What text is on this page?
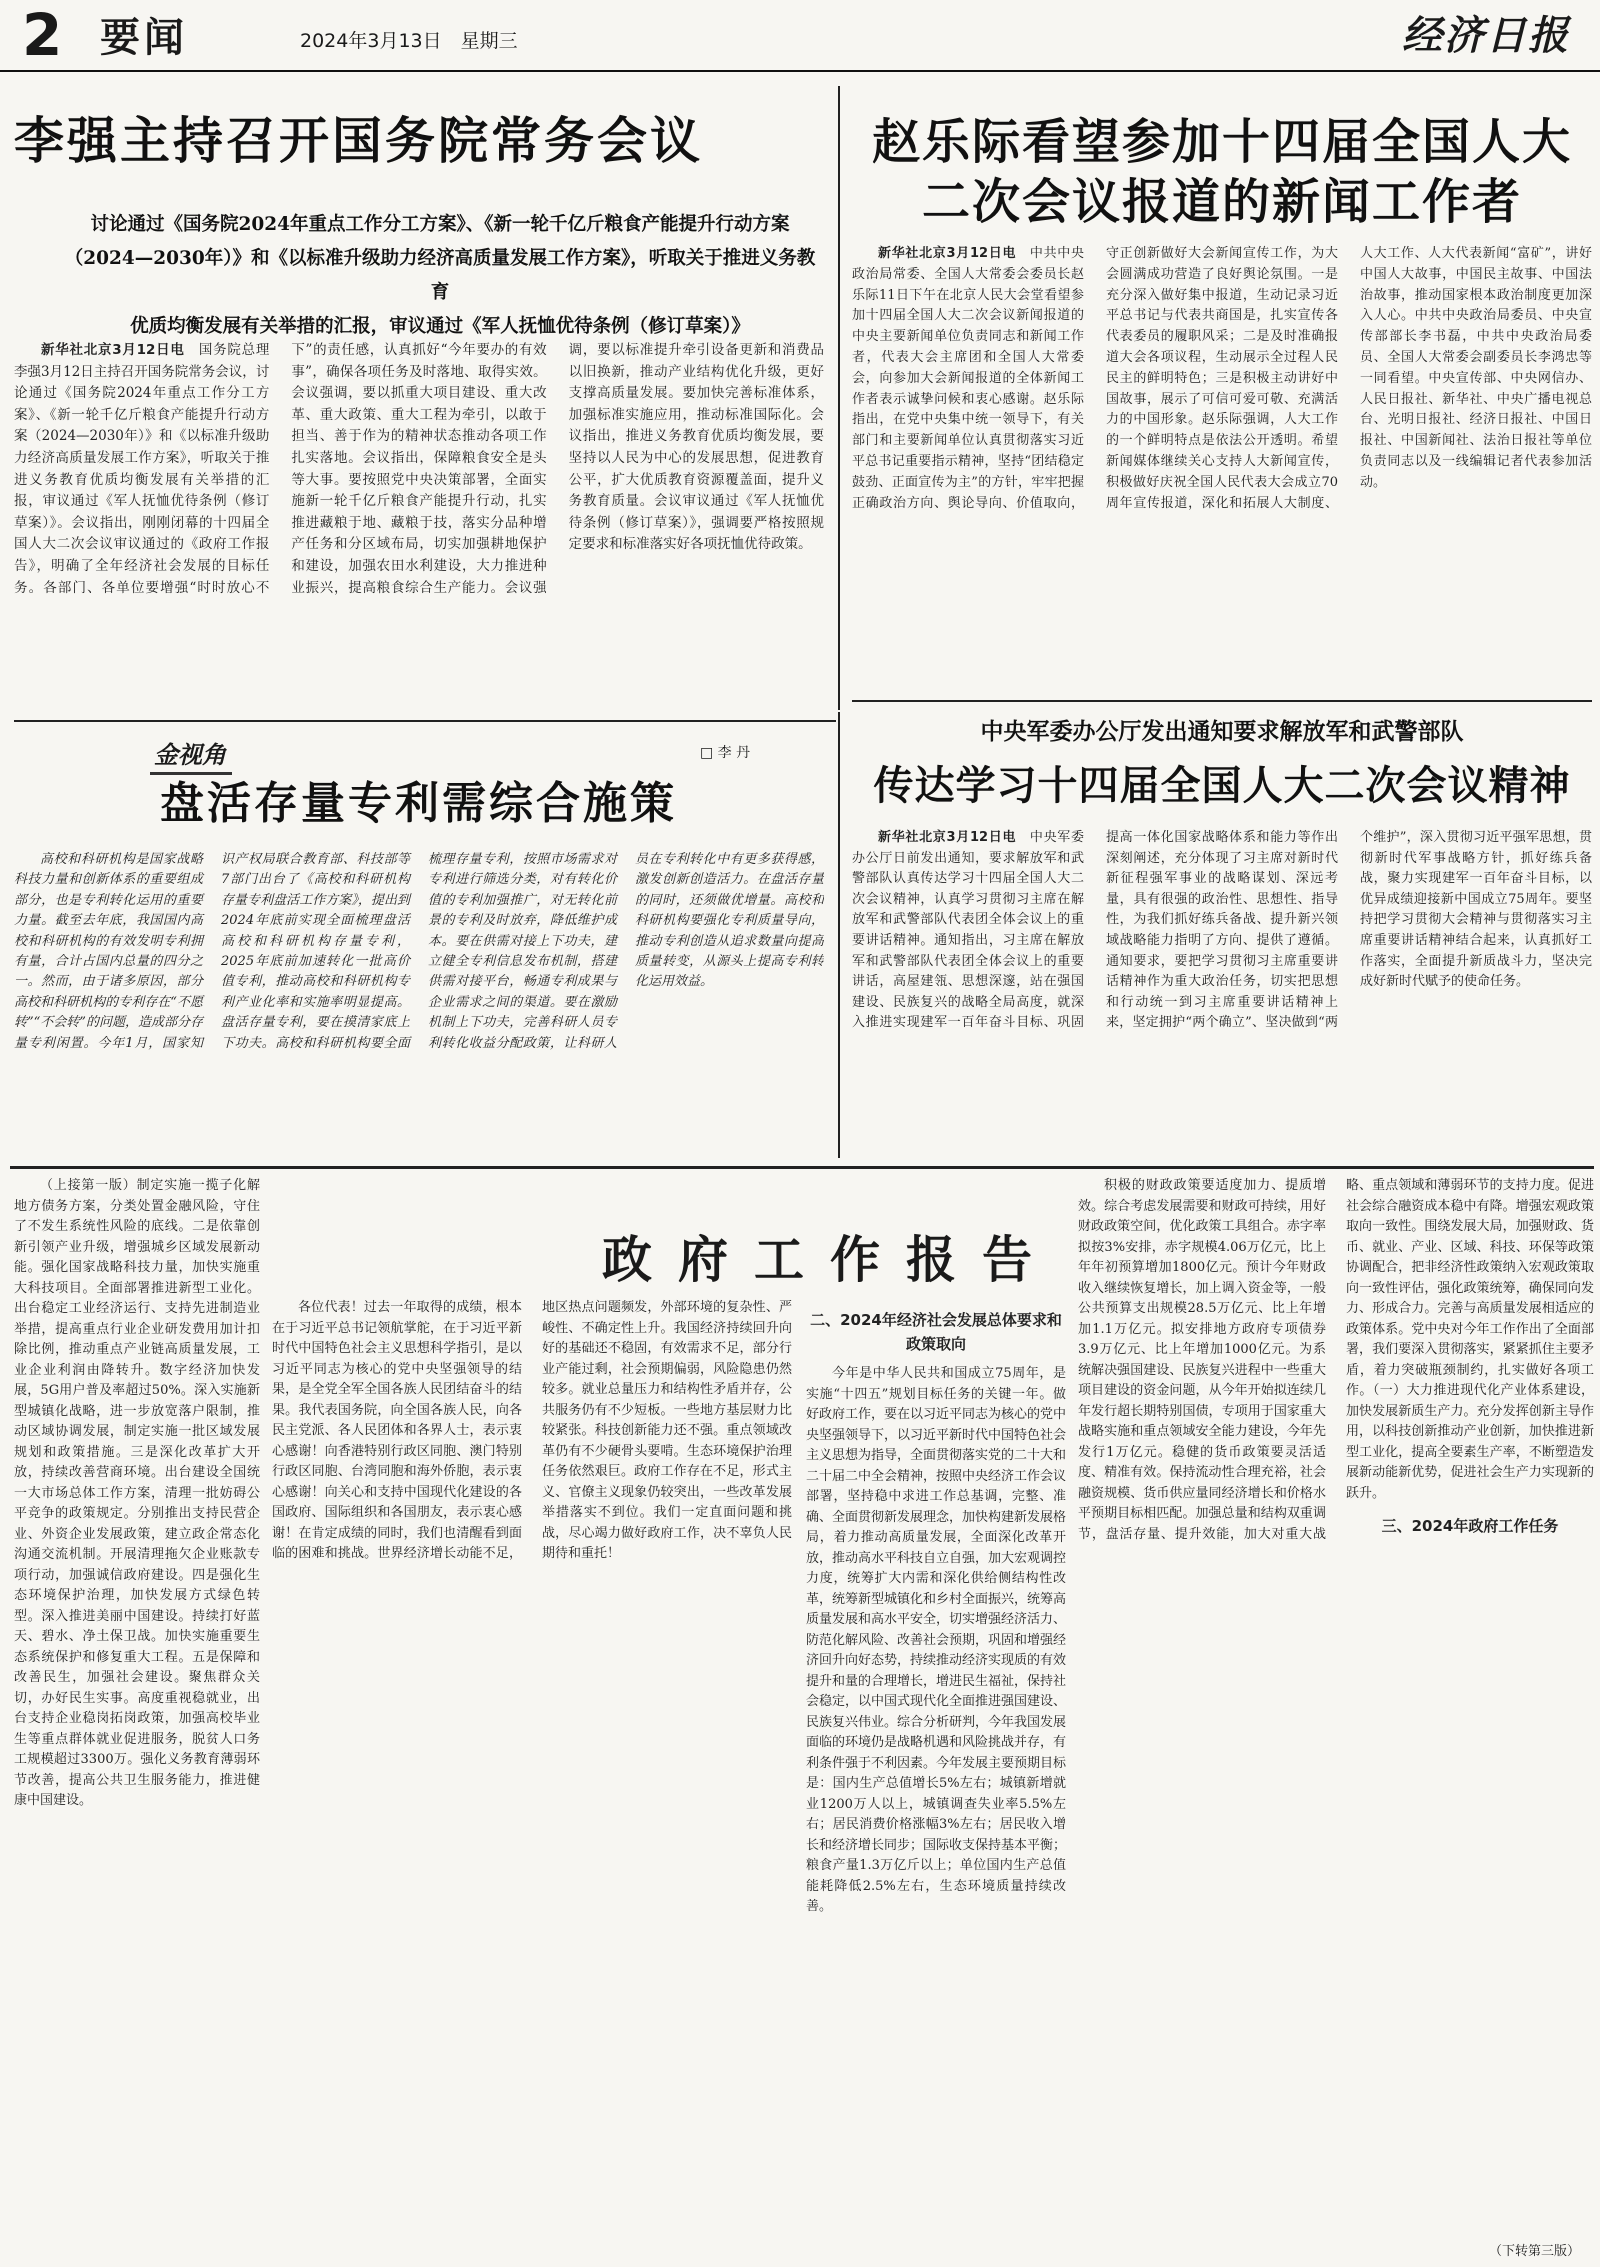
2 要闻	2024年3月13日　星期三	经济日报
李强主持召开国务院常务会议
讨论通过《国务院2024年重点工作分工方案》、《新一轮千亿斤粮食产能提升行动方案
（2024—2030年）》和《以标准升级助力经济高质量发展工作方案》，听取关于推进义务教育
优质均衡发展有关举措的汇报，审议通过《军人抚恤优待条例（修订草案）》

新华社北京3月12日电　 国务院总理李强3月12日主持召开国务院常务会议，讨论通过《国务院2024年重点工作分工方案》、《新一轮千亿斤粮食产能提升行动方案（2024—2030年）》和《以标准升级助力经济高质量发展工作方案》，听取关于推进义务教育优质均衡发展有关举措的汇报，审议通过《军人抚恤优待条例（修订草案）》。会议指出，刚刚闭幕的十四届全国人大二次会议审议通过的《政府工作报告》，明确了全年经济社会发展的目标任务。各部门、各单位要增强“时时放心不下”的责任感，认真抓好“今年要办的有效事”，确保各项任务及时落地、取得实效。会议强调，要以抓重大项目建设、重大改革、重大政策、重大工程为牵引，以敢于担当、善于作为的精神状态推动各项工作扎实落地。会议指出，保障粮食安全是头等大事。要按照党中央决策部署，全面实施新一轮千亿斤粮食产能提升行动，扎实推进藏粮于地、藏粮于技，落实分品种增产任务和分区域布局，切实加强耕地保护和建设，加强农田水利建设，大力推进种业振兴，提高粮食综合生产能力。会议强调，要以标准提升牵引设备更新和消费品以旧换新，推动产业结构优化升级，更好支撑高质量发展。要加快完善标准体系，加强标准实施应用，推动标准国际化。会议指出，推进义务教育优质均衡发展，要坚持以人民为中心的发展思想，促进教育公平，扩大优质教育资源覆盖面，提升义务教育质量。会议审议通过《军人抚恤优待条例（修订草案）》，强调要严格按照规定要求和标准落实好各项抚恤优待政策。

赵乐际看望参加十四届全国人大
二次会议报道的新闻工作者

新华社北京3月12日电　 中共中央政治局常委、全国人大常委会委员长赵乐际11日下午在北京人民大会堂看望参加十四届全国人大二次会议新闻报道的中央主要新闻单位负责同志和新闻工作者，代表大会主席团和全国人大常委会，向参加大会新闻报道的全体新闻工作者表示诚挚问候和衷心感谢。赵乐际指出，在党中央集中统一领导下，有关部门和主要新闻单位认真贯彻落实习近平总书记重要指示精神，坚持“团结稳定鼓劲、正面宣传为主”的方针，牢牢把握正确政治方向、舆论导向、价值取向，守正创新做好大会新闻宣传工作，为大会圆满成功营造了良好舆论氛围。一是充分深入做好集中报道，生动记录习近平总书记与代表共商国是，扎实宣传各代表委员的履职风采；二是及时准确报道大会各项议程，生动展示全过程人民民主的鲜明特色；三是积极主动讲好中国故事，展示了可信可爱可敬、充满活力的中国形象。赵乐际强调，人大工作的一个鲜明特点是依法公开透明。希望新闻媒体继续关心支持人大新闻宣传，积极做好庆祝全国人民代表大会成立70周年宣传报道，深化和拓展人大制度、人大工作、人大代表新闻“富矿”，讲好中国人大故事，中国民主故事、中国法治故事，推动国家根本政治制度更加深入人心。中共中央政治局委员、中央宣传部部长李书磊，中共中央政治局委员、全国人大常委会副委员长李鸿忠等一同看望。中央宣传部、中央网信办、人民日报社、新华社、中央广播电视总台、光明日报社、经济日报社、中国日报社、中国新闻社、法治日报社等单位负责同志以及一线编辑记者代表参加活动。

中央军委办公厅发出通知要求解放军和武警部队
传达学习十四届全国人大二次会议精神

新华社北京3月12日电　 中央军委办公厅日前发出通知，要求解放军和武警部队认真传达学习十四届全国人大二次会议精神，认真学习贯彻习主席在解放军和武警部队代表团全体会议上的重要讲话精神。通知指出，习主席在解放军和武警部队代表团全体会议上的重要讲话，高屋建瓴、思想深邃，站在强国建设、民族复兴的战略全局高度，就深入推进实现建军一百年奋斗目标、巩固提高一体化国家战略体系和能力等作出深刻阐述，充分体现了习主席对新时代新征程强军事业的战略谋划、深远考量，具有很强的政治性、思想性、指导性，为我们抓好练兵备战、提升新兴领域战略能力指明了方向、提供了遵循。通知要求，要把学习贯彻习主席重要讲话精神作为重大政治任务，切实把思想和行动统一到习主席重要讲话精神上来，坚定拥护“两个确立”、坚决做到“两个维护”，深入贯彻习近平强军思想，贯彻新时代军事战略方针，抓好练兵备战，聚力实现建军一百年奋斗目标，以优异成绩迎接新中国成立75周年。要坚持把学习贯彻大会精神与贯彻落实习主席重要讲话精神结合起来，认真抓好工作落实，全面提升新质战斗力，坚决完成好新时代赋予的使命任务。

金视角	□ 李 丹
盘活存量专利需综合施策

高校和科研机构是国家战略科技力量和创新体系的重要组成部分，也是专利转化运用的重要力量。截至去年底，我国国内高校和科研机构的有效发明专利拥有量，合计占国内总量的四分之一。然而，由于诸多原因，部分高校和科研机构的专利存在“不愿转”“不会转”的问题，造成部分存量专利闲置。今年1月，国家知识产权局联合教育部、科技部等7部门出台了《高校和科研机构存量专利盘活工作方案》，提出到2024年底前实现全面梳理盘活高校和科研机构存量专利，2025年底前加速转化一批高价值专利，推动高校和科研机构专利产业化率和实施率明显提高。盘活存量专利，要在摸清家底上下功夫。高校和科研机构要全面梳理存量专利，按照市场需求对专利进行筛选分类，对有转化价值的专利加强推广，对无转化前景的专利及时放弃，降低维护成本。要在供需对接上下功夫，建立健全专利信息发布机制，搭建供需对接平台，畅通专利成果与企业需求之间的渠道。要在激励机制上下功夫，完善科研人员专利转化收益分配政策，让科研人员在专利转化中有更多获得感，激发创新创造活力。在盘活存量的同时，还须做优增量。高校和科研机构要强化专利质量导向，推动专利创造从追求数量向提高质量转变，从源头上提高专利转化运用效益。

政府工作报告

（上接第一版）制定实施一揽子化解地方债务方案，分类处置金融风险，守住了不发生系统性风险的底线。二是依靠创新引领产业升级，增强城乡区域发展新动能。强化国家战略科技力量，加快实施重大科技项目。全面部署推进新型工业化。出台稳定工业经济运行、支持先进制造业举措，提高重点行业企业研发费用加计扣除比例，推动重点产业链高质量发展，工业企业利润由降转升。数字经济加快发展，5G用户普及率超过50%。深入实施新型城镇化战略，进一步放宽落户限制，推动区域协调发展，制定实施一批区域发展规划和政策措施。三是深化改革扩大开放，持续改善营商环境。出台建设全国统一大市场总体工作方案，清理一批妨碍公平竞争的政策规定。分别推出支持民营企业、外资企业发展政策，建立政企常态化沟通交流机制。开展清理拖欠企业账款专项行动，加强诚信政府建设。四是强化生态环境保护治理，加快发展方式绿色转型。深入推进美丽中国建设。持续打好蓝天、碧水、净土保卫战。加快实施重要生态系统保护和修复重大工程。五是保障和改善民生，加强社会建设。聚焦群众关切，办好民生实事。高度重视稳就业，出台支持企业稳岗拓岗政策，加强高校毕业生等重点群体就业促进服务，脱贫人口务工规模超过3300万。强化义务教育薄弱环节改善，提高公共卫生服务能力，推进健康中国建设。

各位代表！过去一年取得的成绩，根本在于习近平总书记领航掌舵，在于习近平新时代中国特色社会主义思想科学指引，是以习近平同志为核心的党中央坚强领导的结果，是全党全军全国各族人民团结奋斗的结果。我代表国务院，向全国各族人民，向各民主党派、各人民团体和各界人士，表示衷心感谢！向香港特别行政区同胞、澳门特别行政区同胞、台湾同胞和海外侨胞，表示衷心感谢！向关心和支持中国现代化建设的各国政府、国际组织和各国朋友，表示衷心感谢！在肯定成绩的同时，我们也清醒看到面临的困难和挑战。世界经济增长动能不足，地区热点问题频发，外部环境的复杂性、严峻性、不确定性上升。我国经济持续回升向好的基础还不稳固，有效需求不足，部分行业产能过剩，社会预期偏弱，风险隐患仍然较多。就业总量压力和结构性矛盾并存，公共服务仍有不少短板。一些地方基层财力比较紧张。科技创新能力还不强。重点领域改革仍有不少硬骨头要啃。生态环境保护治理任务依然艰巨。政府工作存在不足，形式主义、官僚主义现象仍较突出，一些改革发展举措落实不到位。我们一定直面问题和挑战，尽心竭力做好政府工作，决不辜负人民期待和重托！

二、2024年经济社会发展总体要求和政策取向

今年是中华人民共和国成立75周年，是实施“十四五”规划目标任务的关键一年。做好政府工作，要在以习近平同志为核心的党中央坚强领导下，以习近平新时代中国特色社会主义思想为指导，全面贯彻落实党的二十大和二十届二中全会精神，按照中央经济工作会议部署，坚持稳中求进工作总基调，完整、准确、全面贯彻新发展理念，加快构建新发展格局，着力推动高质量发展，全面深化改革开放，推动高水平科技自立自强，加大宏观调控力度，统筹扩大内需和深化供给侧结构性改革，统筹新型城镇化和乡村全面振兴，统筹高质量发展和高水平安全，切实增强经济活力、防范化解风险、改善社会预期，巩固和增强经济回升向好态势，持续推动经济实现质的有效提升和量的合理增长，增进民生福祉，保持社会稳定，以中国式现代化全面推进强国建设、民族复兴伟业。综合分析研判，今年我国发展面临的环境仍是战略机遇和风险挑战并存，有利条件强于不利因素。今年发展主要预期目标是：国内生产总值增长5%左右；城镇新增就业1200万人以上，城镇调查失业率5.5%左右；居民消费价格涨幅3%左右；居民收入增长和经济增长同步；国际收支保持基本平衡；粮食产量1.3万亿斤以上；单位国内生产总值能耗降低2.5%左右，生态环境质量持续改善。

积极的财政政策要适度加力、提质增效。综合考虑发展需要和财政可持续，用好财政政策空间，优化政策工具组合。赤字率拟按3%安排，赤字规模4.06万亿元，比上年年初预算增加1800亿元。预计今年财政收入继续恢复增长，加上调入资金等，一般公共预算支出规模28.5万亿元、比上年增加1.1万亿元。拟安排地方政府专项债券3.9万亿元、比上年增加1000亿元。为系统解决强国建设、民族复兴进程中一些重大项目建设的资金问题，从今年开始拟连续几年发行超长期特别国债，专项用于国家重大战略实施和重点领域安全能力建设，今年先发行1万亿元。稳健的货币政策要灵活适度、精准有效。保持流动性合理充裕，社会融资规模、货币供应量同经济增长和价格水平预期目标相匹配。加强总量和结构双重调节，盘活存量、提升效能，加大对重大战略、重点领域和薄弱环节的支持力度。促进社会综合融资成本稳中有降。增强宏观政策取向一致性。围绕发展大局，加强财政、货币、就业、产业、区域、科技、环保等政策协调配合，把非经济性政策纳入宏观政策取向一致性评估，强化政策统筹，确保同向发力、形成合力。完善与高质量发展相适应的政策体系。党中央对今年工作作出了全面部署，我们要深入贯彻落实，紧紧抓住主要矛盾，着力突破瓶颈制约，扎实做好各项工作。（一）大力推进现代化产业体系建设，加快发展新质生产力。充分发挥创新主导作用，以科技创新推动产业创新，加快推进新型工业化，提高全要素生产率，不断塑造发展新动能新优势，促进社会生产力实现新的跃升。

三、2024年政府工作任务
（下转第三版）
